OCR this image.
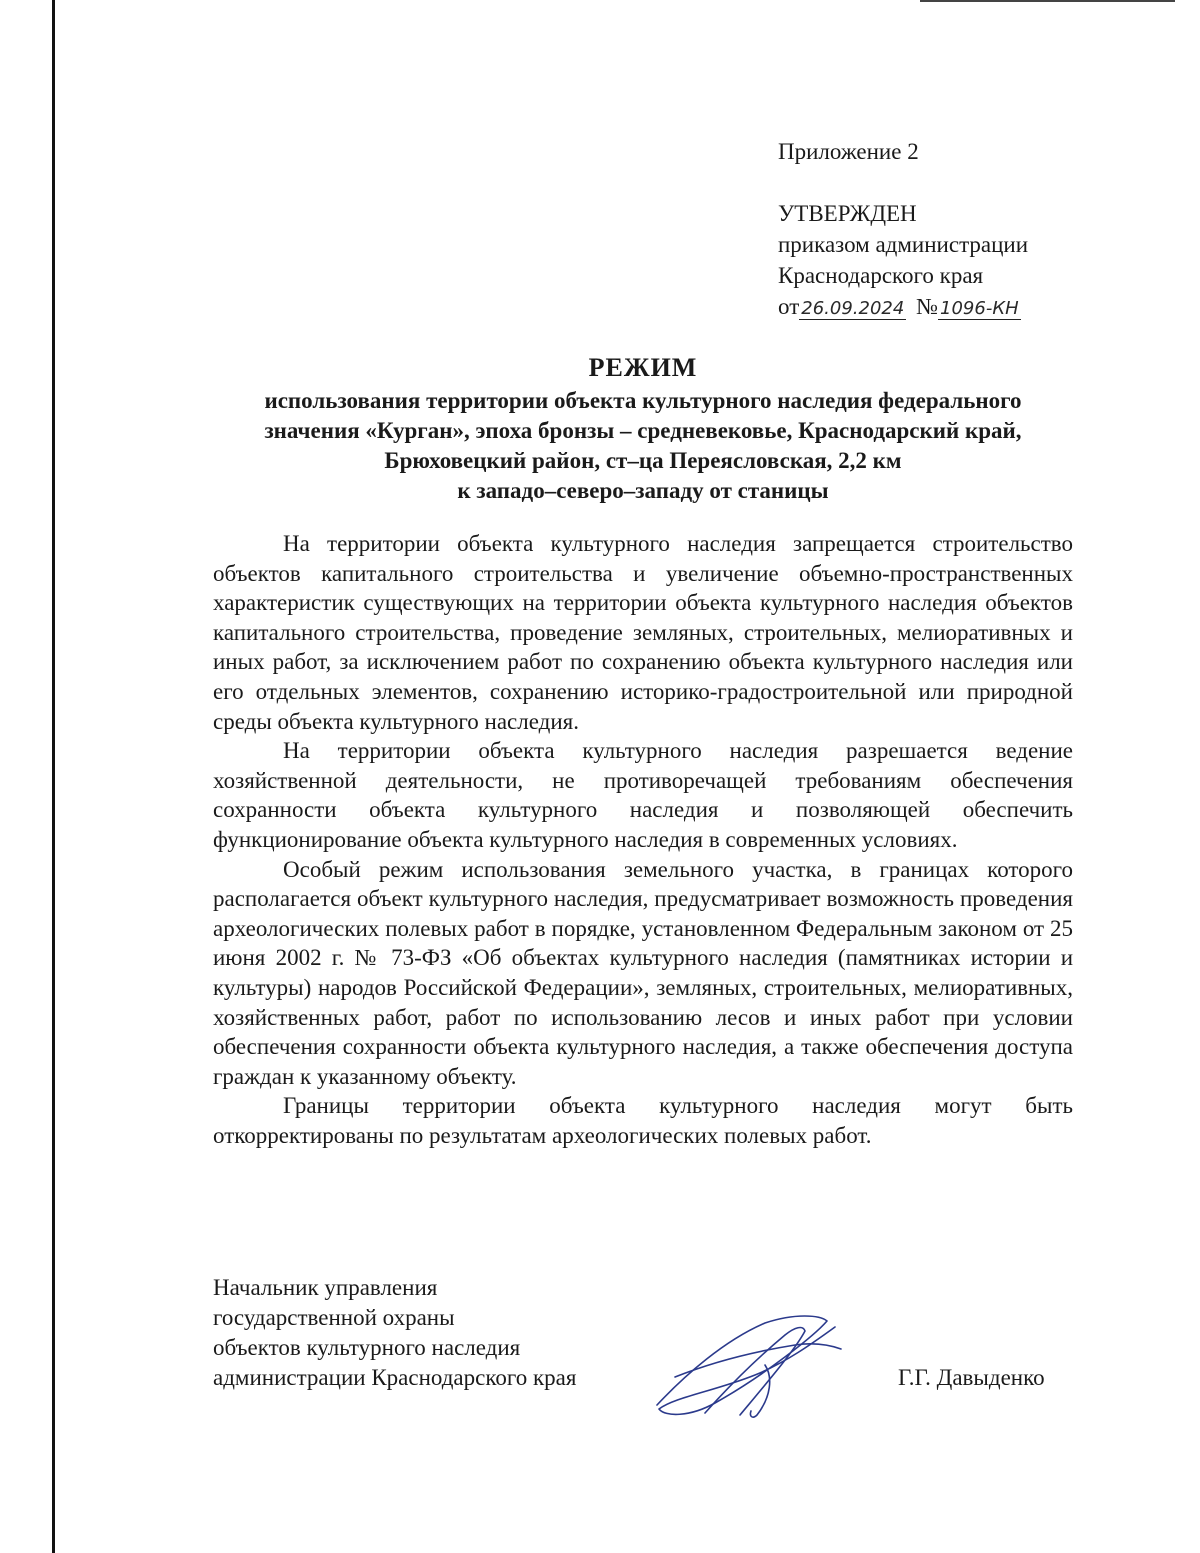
Приложение 2
УТВЕРЖДЕН
приказом администрации
Краснодарского края
от 26.09.2024 № 1096-КН
РЕЖИМ

использования территории объекта культурного наследия федерального

значения «Курган», эпоха бронзы – средневековье, Краснодарский край,

Брюховецкий район, ст–ца Переясловская, 2,2 км

к западо–северо–западу от станицы

На территории объекта культурного наследия запрещается строительство объектов капитального строительства и увеличение объемно-пространственных характеристик существующих на территории объекта культурного наследия объектов капитального строительства, проведение земляных, строительных, мелиоративных и иных работ, за исключением работ по сохранению объекта культурного наследия или его отдельных элементов, сохранению историко-градостроительной или природной среды объекта культурного наследия.

На территории объекта культурного наследия разрешается ведение хозяйственной деятельности, не противоречащей требованиям обеспечения сохранности объекта культурного наследия и позволяющей обеспечить функционирование объекта культурного наследия в современных условиях.

Особый режим использования земельного участка, в границах которого располагается объект культурного наследия, предусматривает возможность проведения археологических полевых работ в порядке, установленном Федеральным законом от 25 июня 2002 г. № 73-ФЗ «Об объектах культурного наследия (памятниках истории и культуры) народов Российской Федерации», земляных, строительных, мелиоративных, хозяйственных работ, работ по использованию лесов и иных работ при условии обеспечения сохранности объекта культурного наследия, а также обеспечения доступа граждан к указанному объекту.

Границы территории объекта культурного наследия могут быть откорректированы по результатам археологических полевых работ.

Начальник управления
государственной охраны
объектов культурного наследия
администрации Краснодарского края	Г.Г. Давыденко
